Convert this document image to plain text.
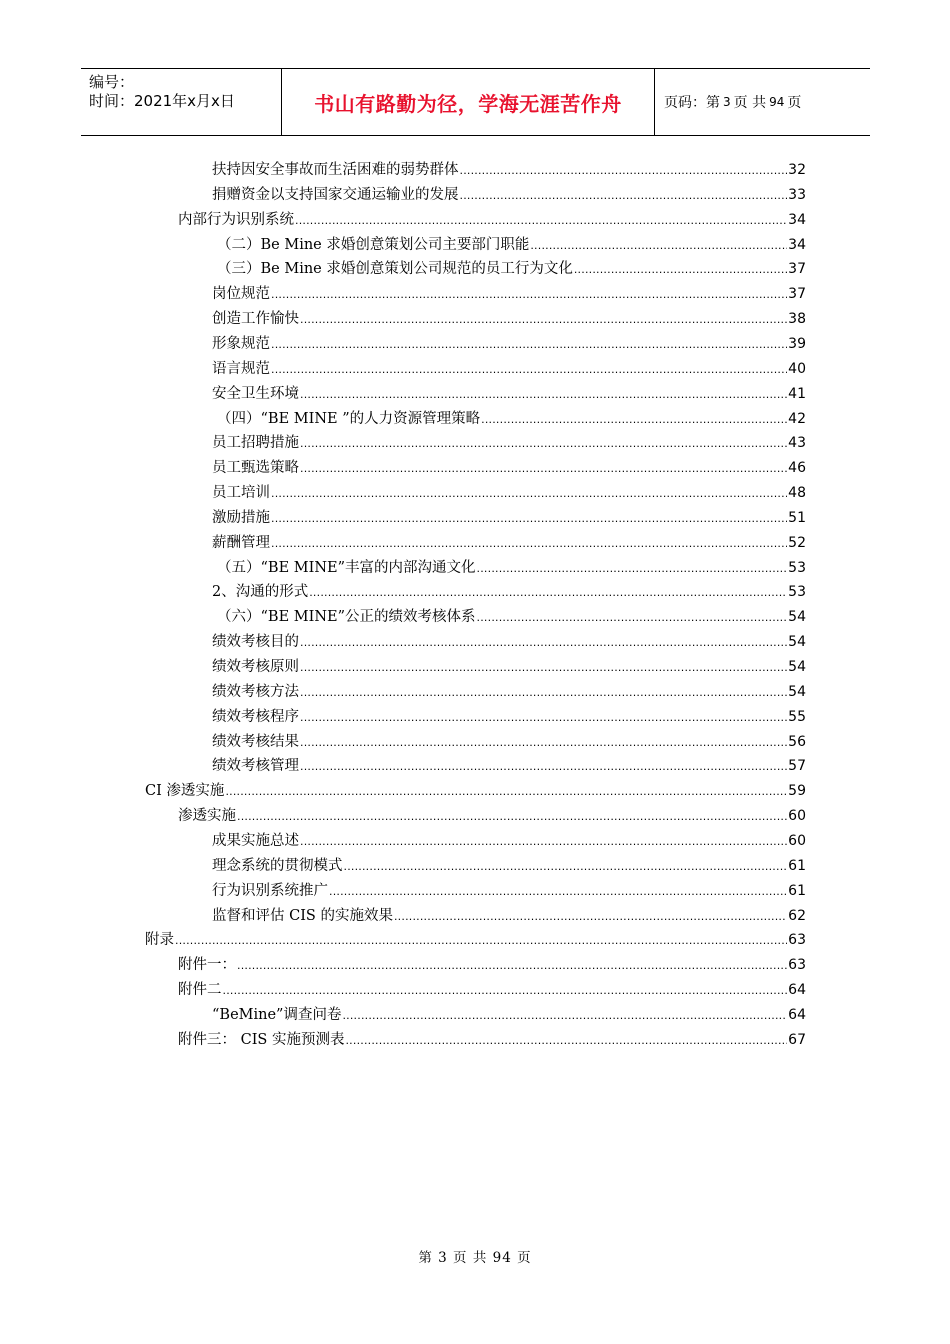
编号：
时间：2021年x月x日	书山有路勤为径，学海无涯苦作舟	页码：第 3 页 共 94 页
扶持因安全事故而生活困难的弱势群体 .....	32
捐赠资金以支持国家交通运输业的发展 .....	33
内部行为识别系统 .....	34
（二）Be Mine 求婚创意策划公司主要部门职能 .....	34
（三）Be Mine 求婚创意策划公司规范的员工行为文化 .....	37
岗位规范 .....	37
创造工作愉快 .....	38
形象规范 .....	39
语言规范 .....	40
安全卫生环境 .....	41
（四）“BE MINE ”的人力资源管理策略 .....	42
员工招聘措施 .....	43
员工甄选策略 .....	46
员工培训 .....	48
激励措施 .....	51
薪酬管理 .....	52
（五）“BE MINE”丰富的内部沟通文化 .....	53
2、沟通的形式 .....	53
（六）“BE MINE”公正的绩效考核体系 .....	54
绩效考核目的 .....	54
绩效考核原则 .....	54
绩效考核方法 .....	54
绩效考核程序 .....	55
绩效考核结果 .....	56
绩效考核管理 .....	57
CI 渗透实施 .....	59
渗透实施 .....	60
成果实施总述 .....	60
理念系统的贯彻模式 .....	61
行为识别系统推广 .....	61
监督和评估 CIS 的实施效果 .....	62
附录 .....	63
附件一： .....	63
附件二 .....	64
“BeMine”调查问卷 .....	64
附件三： CIS 实施预测表 .....	67
第 3 页 共 94 页
